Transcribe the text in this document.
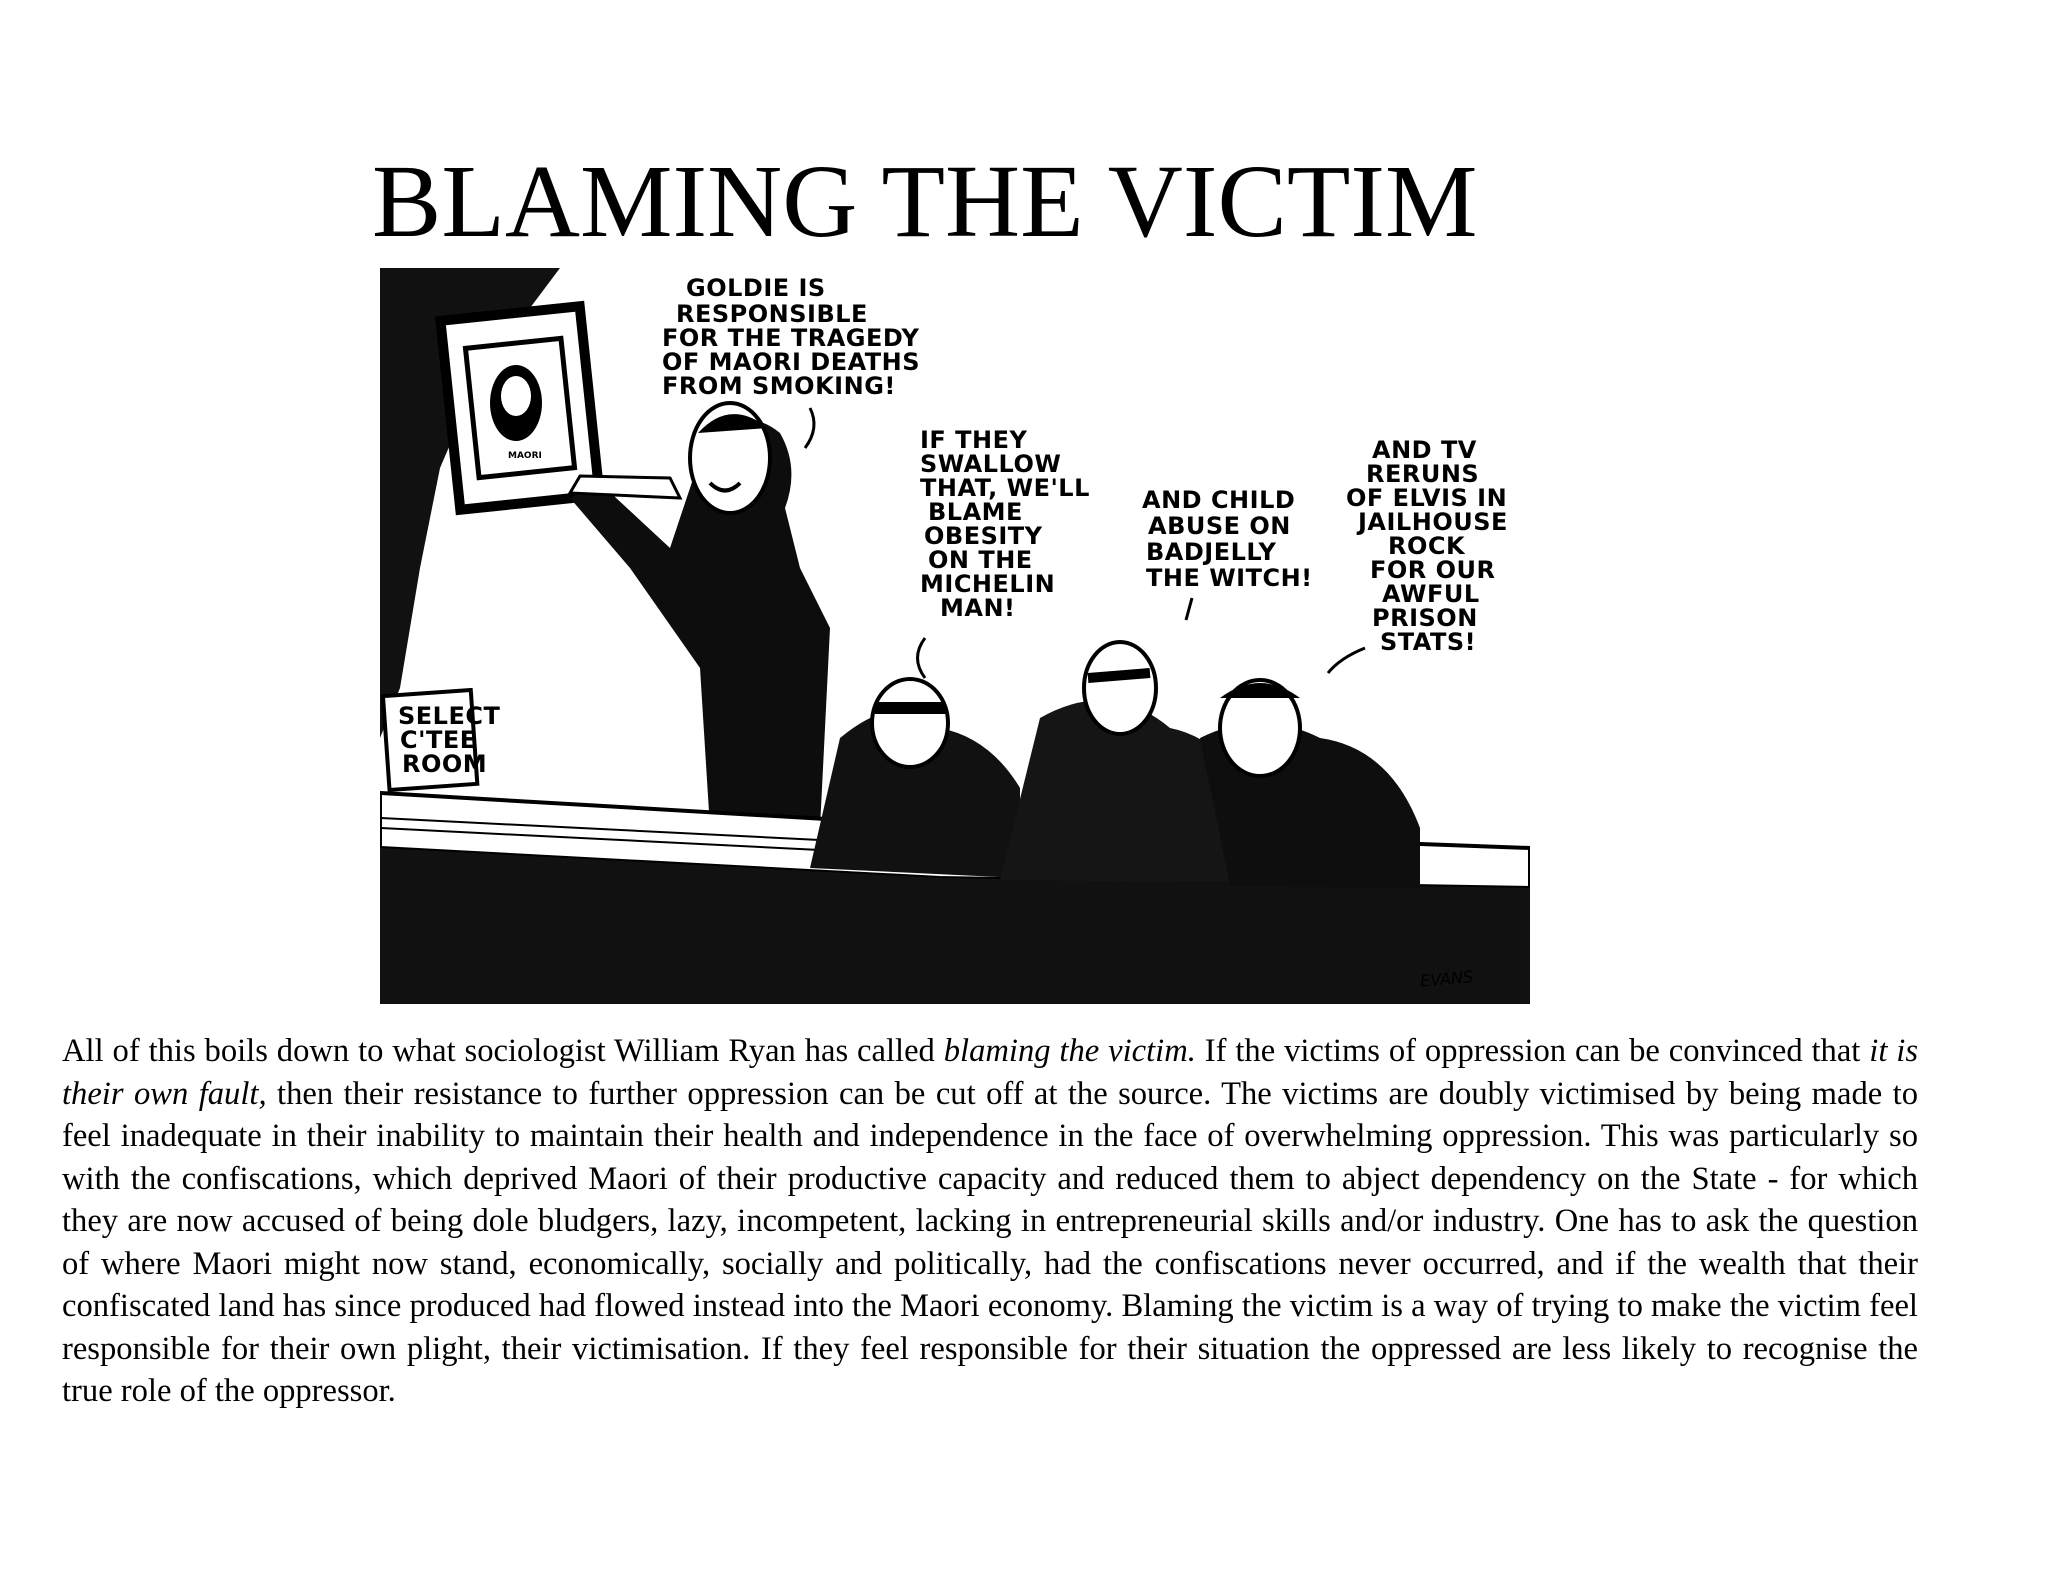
BLAMING THE VICTIM
MAORI
SELECT
C'TEE
ROOM
GOLDIE IS
RESPONSIBLE
FOR THE TRAGEDY
OF MAORI DEATHS
FROM SMOKING!
IF THEY
SWALLOW
THAT, WE'LL
BLAME
OBESITY
ON THE
MICHELIN
MAN!
AND CHILD
ABUSE ON
BADJELLY
THE WITCH!
AND TV
RERUNS
OF ELVIS IN
JAILHOUSE
ROCK
FOR OUR
AWFUL
PRISON
STATS!
EVANS
All of this boils down to what sociologist William Ryan has called blaming the victim. If the victims of oppression can be convinced that it is their own fault, then their resistance to further oppression can be cut off at the source. The victims are doubly victimised by being made to feel inadequate in their inability to maintain their health and independence in the face of overwhelming oppression. This was particularly so with the confiscations, which deprived Maori of their productive capacity and reduced them to abject dependency on the State - for which they are now accused of being dole bludgers, lazy, incompetent, lacking in entrepreneurial skills and/or industry. One has to ask the question of where Maori might now stand, economically, socially and politically, had the confiscations never occurred, and if the wealth that their confiscated land has since produced had flowed instead into the Maori economy. Blaming the victim is a way of trying to make the victim feel responsible for their own plight, their victimisation. If they feel responsible for their situation the oppressed are less likely to recognise the true role of the oppressor.
